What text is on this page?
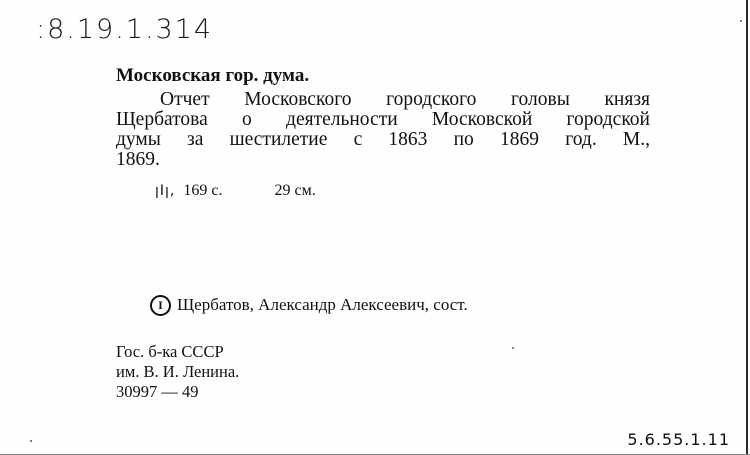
:8.19.1.314
Московская гор. дума.
Отчет Московского городского головы князя
Щербатова о деятельности Московской городской
думы за шестилетие с 1863 по 1869 год. М.,
1869.
ꞁIꞁ, 169 с.	29 см.
I Щербатов, Александр Алексеевич, сост.
Гос. б-ка СССР
им. В. И. Ленина.
30997 — 49
5.6.55.1.11
